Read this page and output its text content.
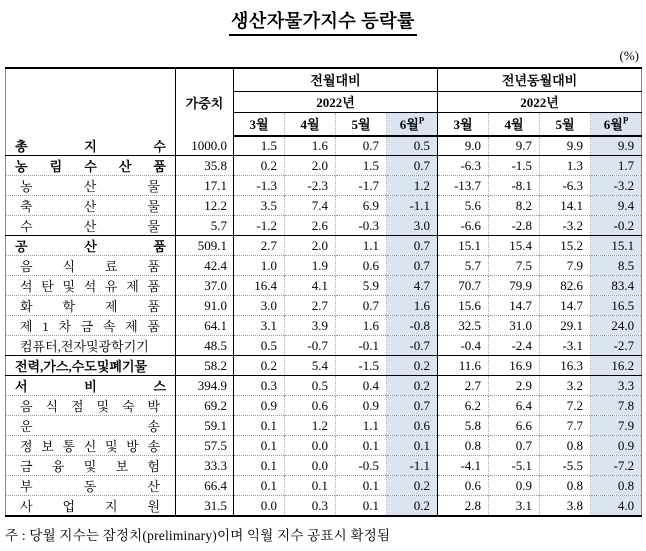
생산자물가지수 등락률
(%)
	가중치	전월대비				전년동월대비			
		2022년				2022년			
		3월	4월	5월	6월$^P$	3월	4월	5월	6월$^P$

총 지 수	1000.0	1.5	1.6	0.7	0.5	9.0	9.7	9.9	9.9

농 림 수 산 품	35.8	0.2	2.0	1.5	0.7	-6.3	-1.5	1.3	1.7

농 산 물	17.1	-1.3	-2.3	-1.7	1.2	-13.7	-8.1	-6.3	-3.2

축 산 물	12.2	3.5	7.4	6.9	-1.1	5.6	8.2	14.1	9.4

수 산 물	5.7	-1.2	2.6	-0.3	3.0	-6.6	-2.8	-3.2	-0.2

공 산 품	509.1	2.7	2.0	1.1	0.7	15.1	15.4	15.2	15.1

음 식 료 품	42.4	1.0	1.9	0.6	0.7	5.7	7.5	7.9	8.5

석 탄 및 석 유 제 품	37.0	16.4	4.1	5.9	4.7	70.7	79.9	82.6	83.4

화 학 제 품	91.0	3.0	2.7	0.7	1.6	15.6	14.7	14.7	16.5

제 1 차 금 속 제 품	64.1	3.1	3.9	1.6	-0.8	32.5	31.0	29.1	24.0

컴퓨터,전자및광학기기	48.5	0.5	-0.7	-0.1	-0.7	-0.4	-2.4	-3.1	-2.7

전력,가스,수도및폐기물	58.2	0.2	5.4	-1.5	0.2	11.6	16.9	16.3	16.2

서 비 스	394.9	0.3	0.5	0.4	0.2	2.7	2.9	3.2	3.3

음 식 점 및 숙 박	69.2	0.9	0.6	0.9	0.7	6.2	6.4	7.2	7.8

운 송	59.1	0.1	1.2	1.1	0.6	5.8	6.6	7.7	7.9

정 보 통 신 및 방 송	57.5	0.1	0.0	0.1	0.1	0.8	0.7	0.8	0.9

금 융 및 보 험	33.3	0.1	0.0	-0.5	-1.1	-4.1	-5.1	-5.5	-7.2

부 동 산	66.4	0.1	0.1	0.1	0.2	0.6	0.9	0.8	0.8

사 업 지 원	31.5	0.0	0.3	0.1	0.2	2.8	3.1	3.8	4.0
주 : 당월 지수는 잠정치(preliminary)이며 익월 지수 공표시 확정됨
